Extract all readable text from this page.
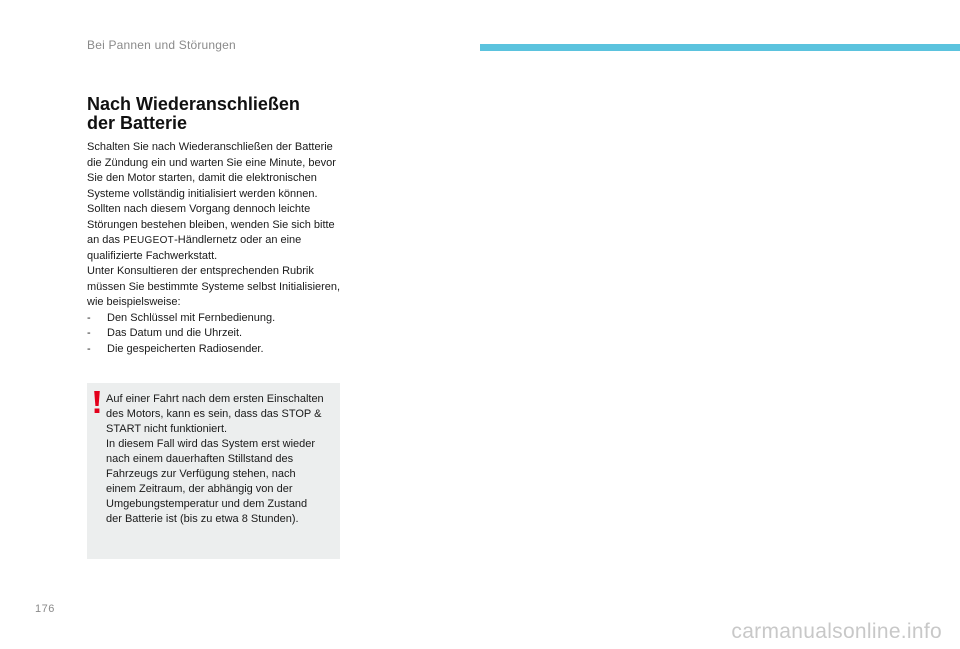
Bei Pannen und Störungen
Nach Wiederanschließen
der Batterie

Schalten Sie nach Wiederanschließen der Batterie die Zündung ein und warten Sie eine Minute, bevor Sie den Motor starten, damit die elektronischen Systeme vollständig initialisiert werden können.

Sollten nach diesem Vorgang dennoch leichte Störungen bestehen bleiben, wenden Sie sich bitte an das PEUGEOT-Händlernetz oder an eine qualifizierte Fachwerkstatt.

Unter Konsultieren der entsprechenden Rubrik müssen Sie bestimmte Systeme selbst Initialisieren, wie beispielsweise:

- Den Schlüssel mit Fernbedienung.
- Das Datum und die Uhrzeit.
- Die gespeicherten Radiosender.

Auf einer Fahrt nach dem ersten Einschalten des Motors, kann es sein, dass das STOP & START nicht funktioniert.

In diesem Fall wird das System erst wieder nach einem dauerhaften Stillstand des Fahrzeugs zur Verfügung stehen, nach einem Zeitraum, der abhängig von der Umgebungstemperatur und dem Zustand der Batterie ist (bis zu etwa 8 Stunden).

176
carmanualsonline.info
